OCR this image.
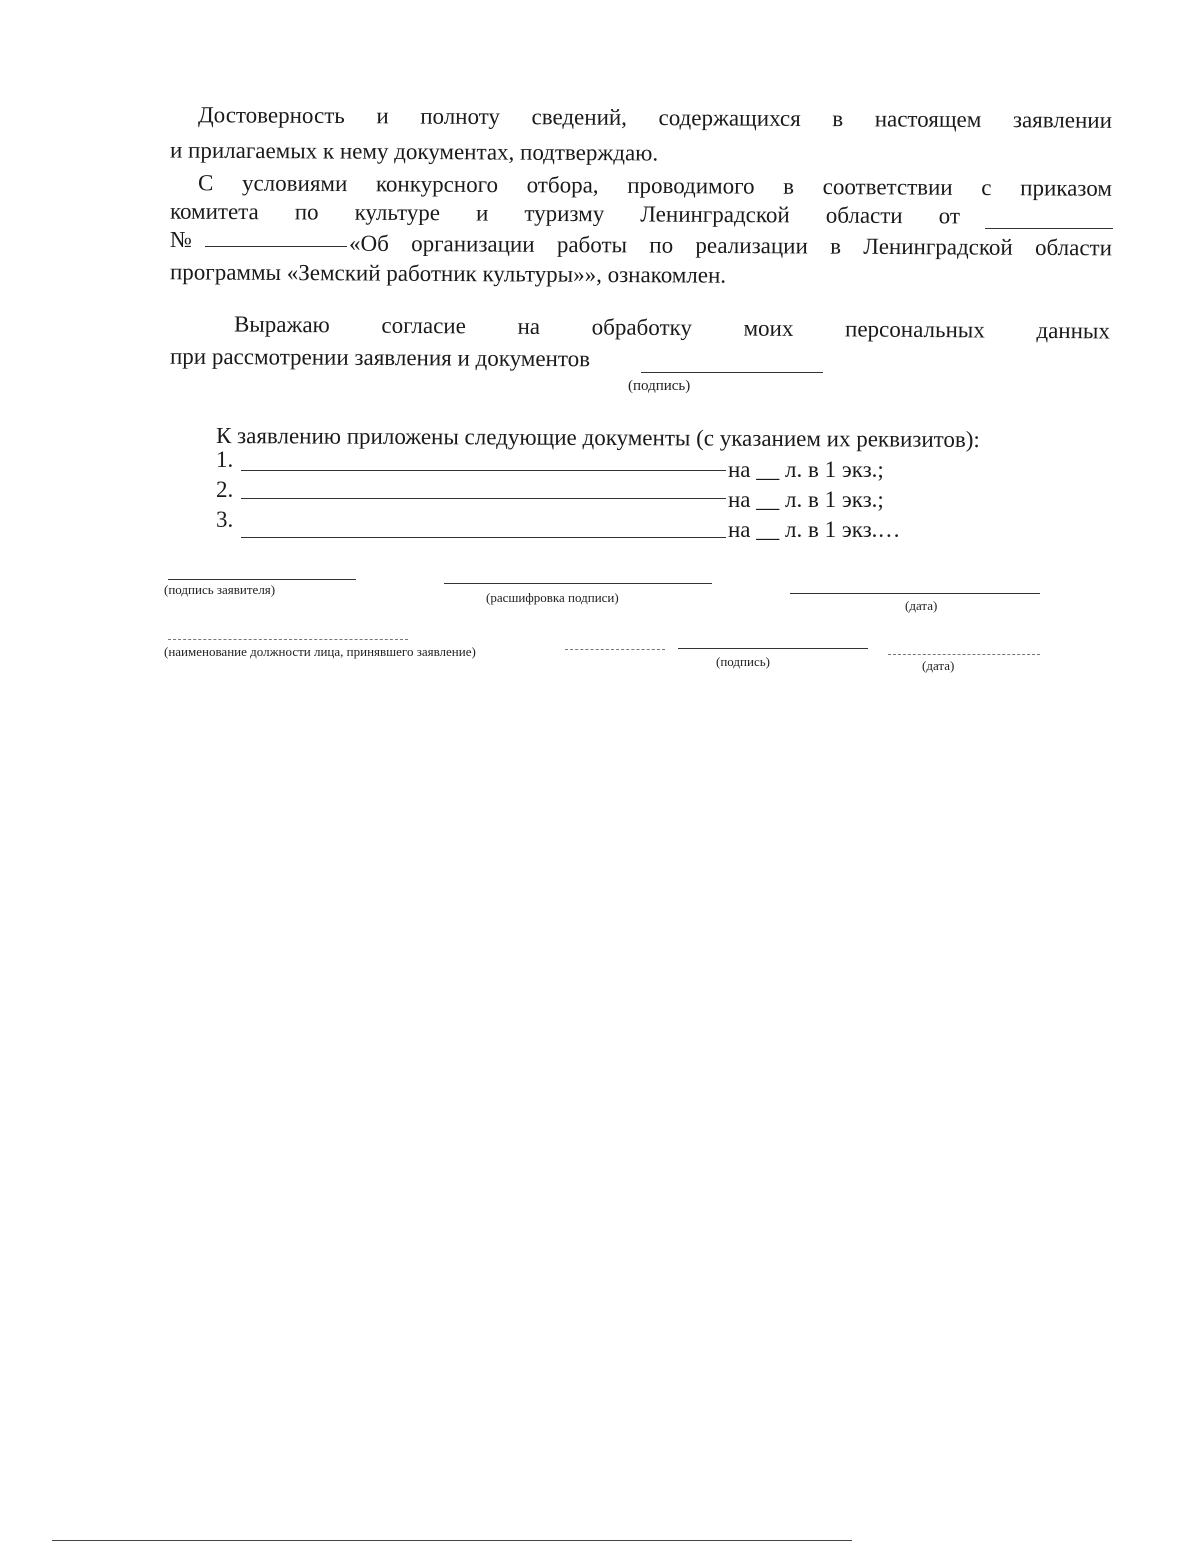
Достоверность и полноту сведений, содержащихся в настоящем заявлении
и прилагаемых к нему документах, подтверждаю.
С условиями конкурсного отбора, проводимого в соответствии с приказом
комитета по культуре и туризму Ленинградской области от
№	«Об организации работы по реализации в Ленинградской области
программы «Земский работник культуры»», ознакомлен.
Выражаю согласие на обработку моих персональных данных
при рассмотрении заявления и документов
(подпись)
К заявлению приложены следующие документы (с указанием их реквизитов):
1.	на __ л. в 1 экз.;
2.	на __ л. в 1 экз.;
3.	на __ л. в 1 экз.…
(подпись заявителя)
(расшифровка подписи)
(дата)
(наименование должности лица, принявшего заявление)
(подпись)	(дата)
